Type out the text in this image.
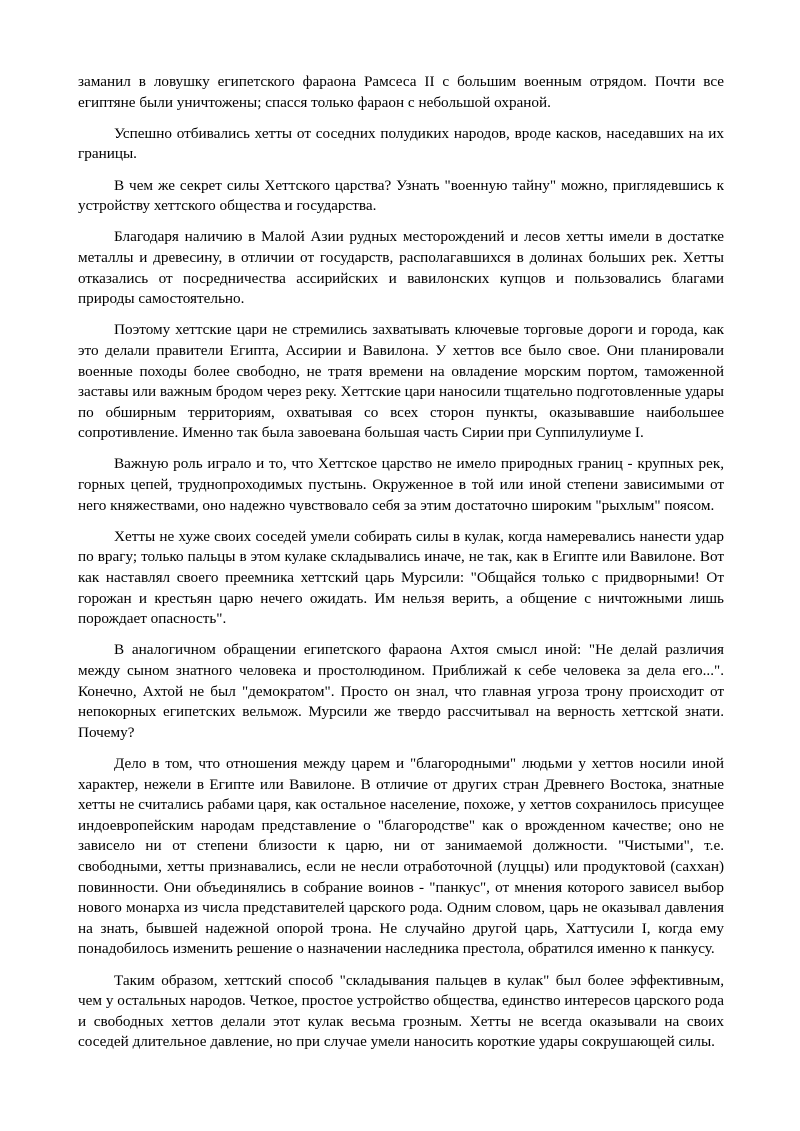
заманил в ловушку египетского фараона Рамсеса II с большим военным отрядом. Почти все египтяне были уничтожены; спасся только фараон с небольшой охраной.

Успешно отбивались хетты от соседних полудиких народов, вроде касков, наседавших на их границы.

В чем же секрет силы Хеттского царства? Узнать "военную тайну" можно, приглядевшись к устройству хеттского общества и государства.

Благодаря наличию в Малой Азии рудных месторождений и лесов хетты имели в достатке металлы и древесину, в отличии от государств, располагавшихся в долинах больших рек. Хетты отказались от посредничества ассирийских и вавилонских купцов и пользовались благами природы самостоятельно.

Поэтому хеттские цари не стремились захватывать ключевые торговые дороги и города, как это делали правители Египта, Ассирии и Вавилона. У хеттов все было свое. Они планировали военные походы более свободно, не тратя времени на овладение морским портом, таможенной заставы или важным бродом через реку. Хеттские цари наносили тщательно подготовленные удары по обширным территориям, охватывая со всех сторон пункты, оказывавшие наибольшее сопротивление. Именно так была завоевана большая часть Сирии при Суппилулиуме I.

Важную роль играло и то, что Хеттское царство не имело природных границ - крупных рек, горных цепей, труднопроходимых пустынь. Окруженное в той или иной степени зависимыми от него княжествами, оно надежно чувствовало себя за этим достаточно широким "рыхлым" поясом.

Хетты не хуже своих соседей умели собирать силы в кулак, когда намеревались нанести удар по врагу; только пальцы в этом кулаке складывались иначе, не так, как в Египте или Вавилоне. Вот как наставлял своего преемника хеттский царь Мурсили: "Общайся только с придворными! От горожан и крестьян царю нечего ожидать. Им нельзя верить, а общение с ничтожными лишь порождает опасность".

В аналогичном обращении египетского фараона Ахтоя смысл иной: "Не делай различия между сыном знатного человека и простолюдином. Приближай к себе человека за дела его...". Конечно, Ахтой не был "демократом". Просто он знал, что главная угроза трону происходит от непокорных египетских вельмож. Мурсили же твердо рассчитывал на верность хеттской знати. Почему?

Дело в том, что отношения между царем и "благородными" людьми у хеттов носили иной характер, нежели в Египте или Вавилоне. В отличие от других стран Древнего Востока, знатные хетты не считались рабами царя, как остальное население, похоже, у хеттов сохранилось присущее индоевропейским народам представление о "благородстве" как о врожденном качестве; оно не зависело ни от степени близости к царю, ни от занимаемой должности. "Чистыми", т.е. свободными, хетты признавались, если не несли отработочной (луццы) или продуктовой (саххан) повинности. Они объединялись в собрание воинов - "панкус", от мнения которого зависел выбор нового монарха из числа представителей царского рода. Одним словом, царь не оказывал давления на знать, бывшей надежной опорой трона. Не случайно другой царь, Хаттусили I, когда ему понадобилось изменить решение о назначении наследника престола, обратился именно к панкусу.

Таким образом, хеттский способ "складывания пальцев в кулак" был более эффективным, чем у остальных народов. Четкое, простое устройство общества, единство интересов царского рода и свободных хеттов делали этот кулак весьма грозным. Хетты не всегда оказывали на своих соседей длительное давление, но при случае умели наносить короткие удары сокрушающей силы.
